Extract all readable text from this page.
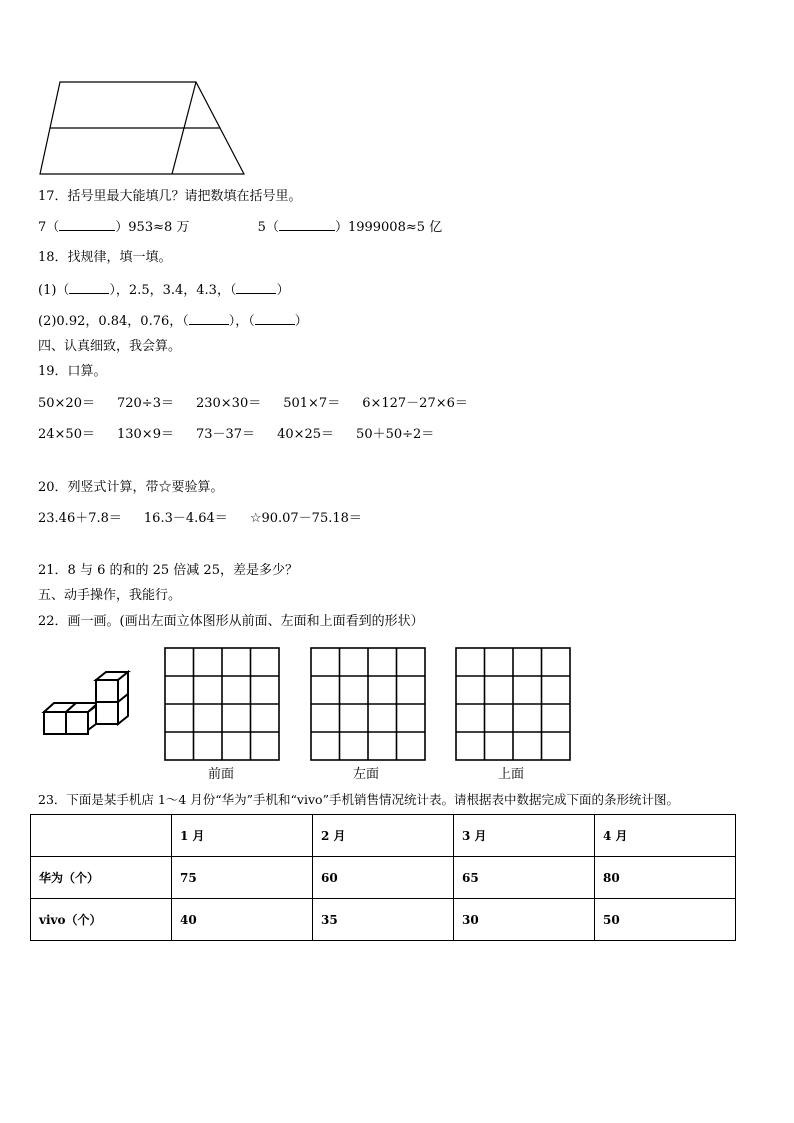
17．括号里最大能填几？请把数填在括号里。
7（	）953≈8 万	5（	）1999008≈5 亿
18．找规律，填一填。
(1)（	），2.5，3.4，4.3，（	）
(2)0.92，0.84，0.76，（	），（	）
四、认真细致，我会算。
19．口算。
50×20＝ 720÷3＝ 230×30＝ 501×7＝ 6×127－27×6＝
24×50＝ 130×9＝ 73－37＝ 40×25＝ 50＋50÷2＝
20．列竖式计算，带☆要验算。
23.46＋7.8＝ 16.3－4.64＝ ☆90.07－75.18＝
21．8 与 6 的和的 25 倍减 25，差是多少？
五、动手操作，我能行。
22．画一画。(画出左面立体图形从前面、左面和上面看到的形状）
前面	左面	上面
23．下面是某手机店 1～4 月份“华为”手机和“vivo”手机销售情况统计表。请根据表中数据完成下面的条形统计图。
	1 月	2 月	3 月	4 月
华为（个）	75	60	65	80
vivo（个）	40	35	30	50
